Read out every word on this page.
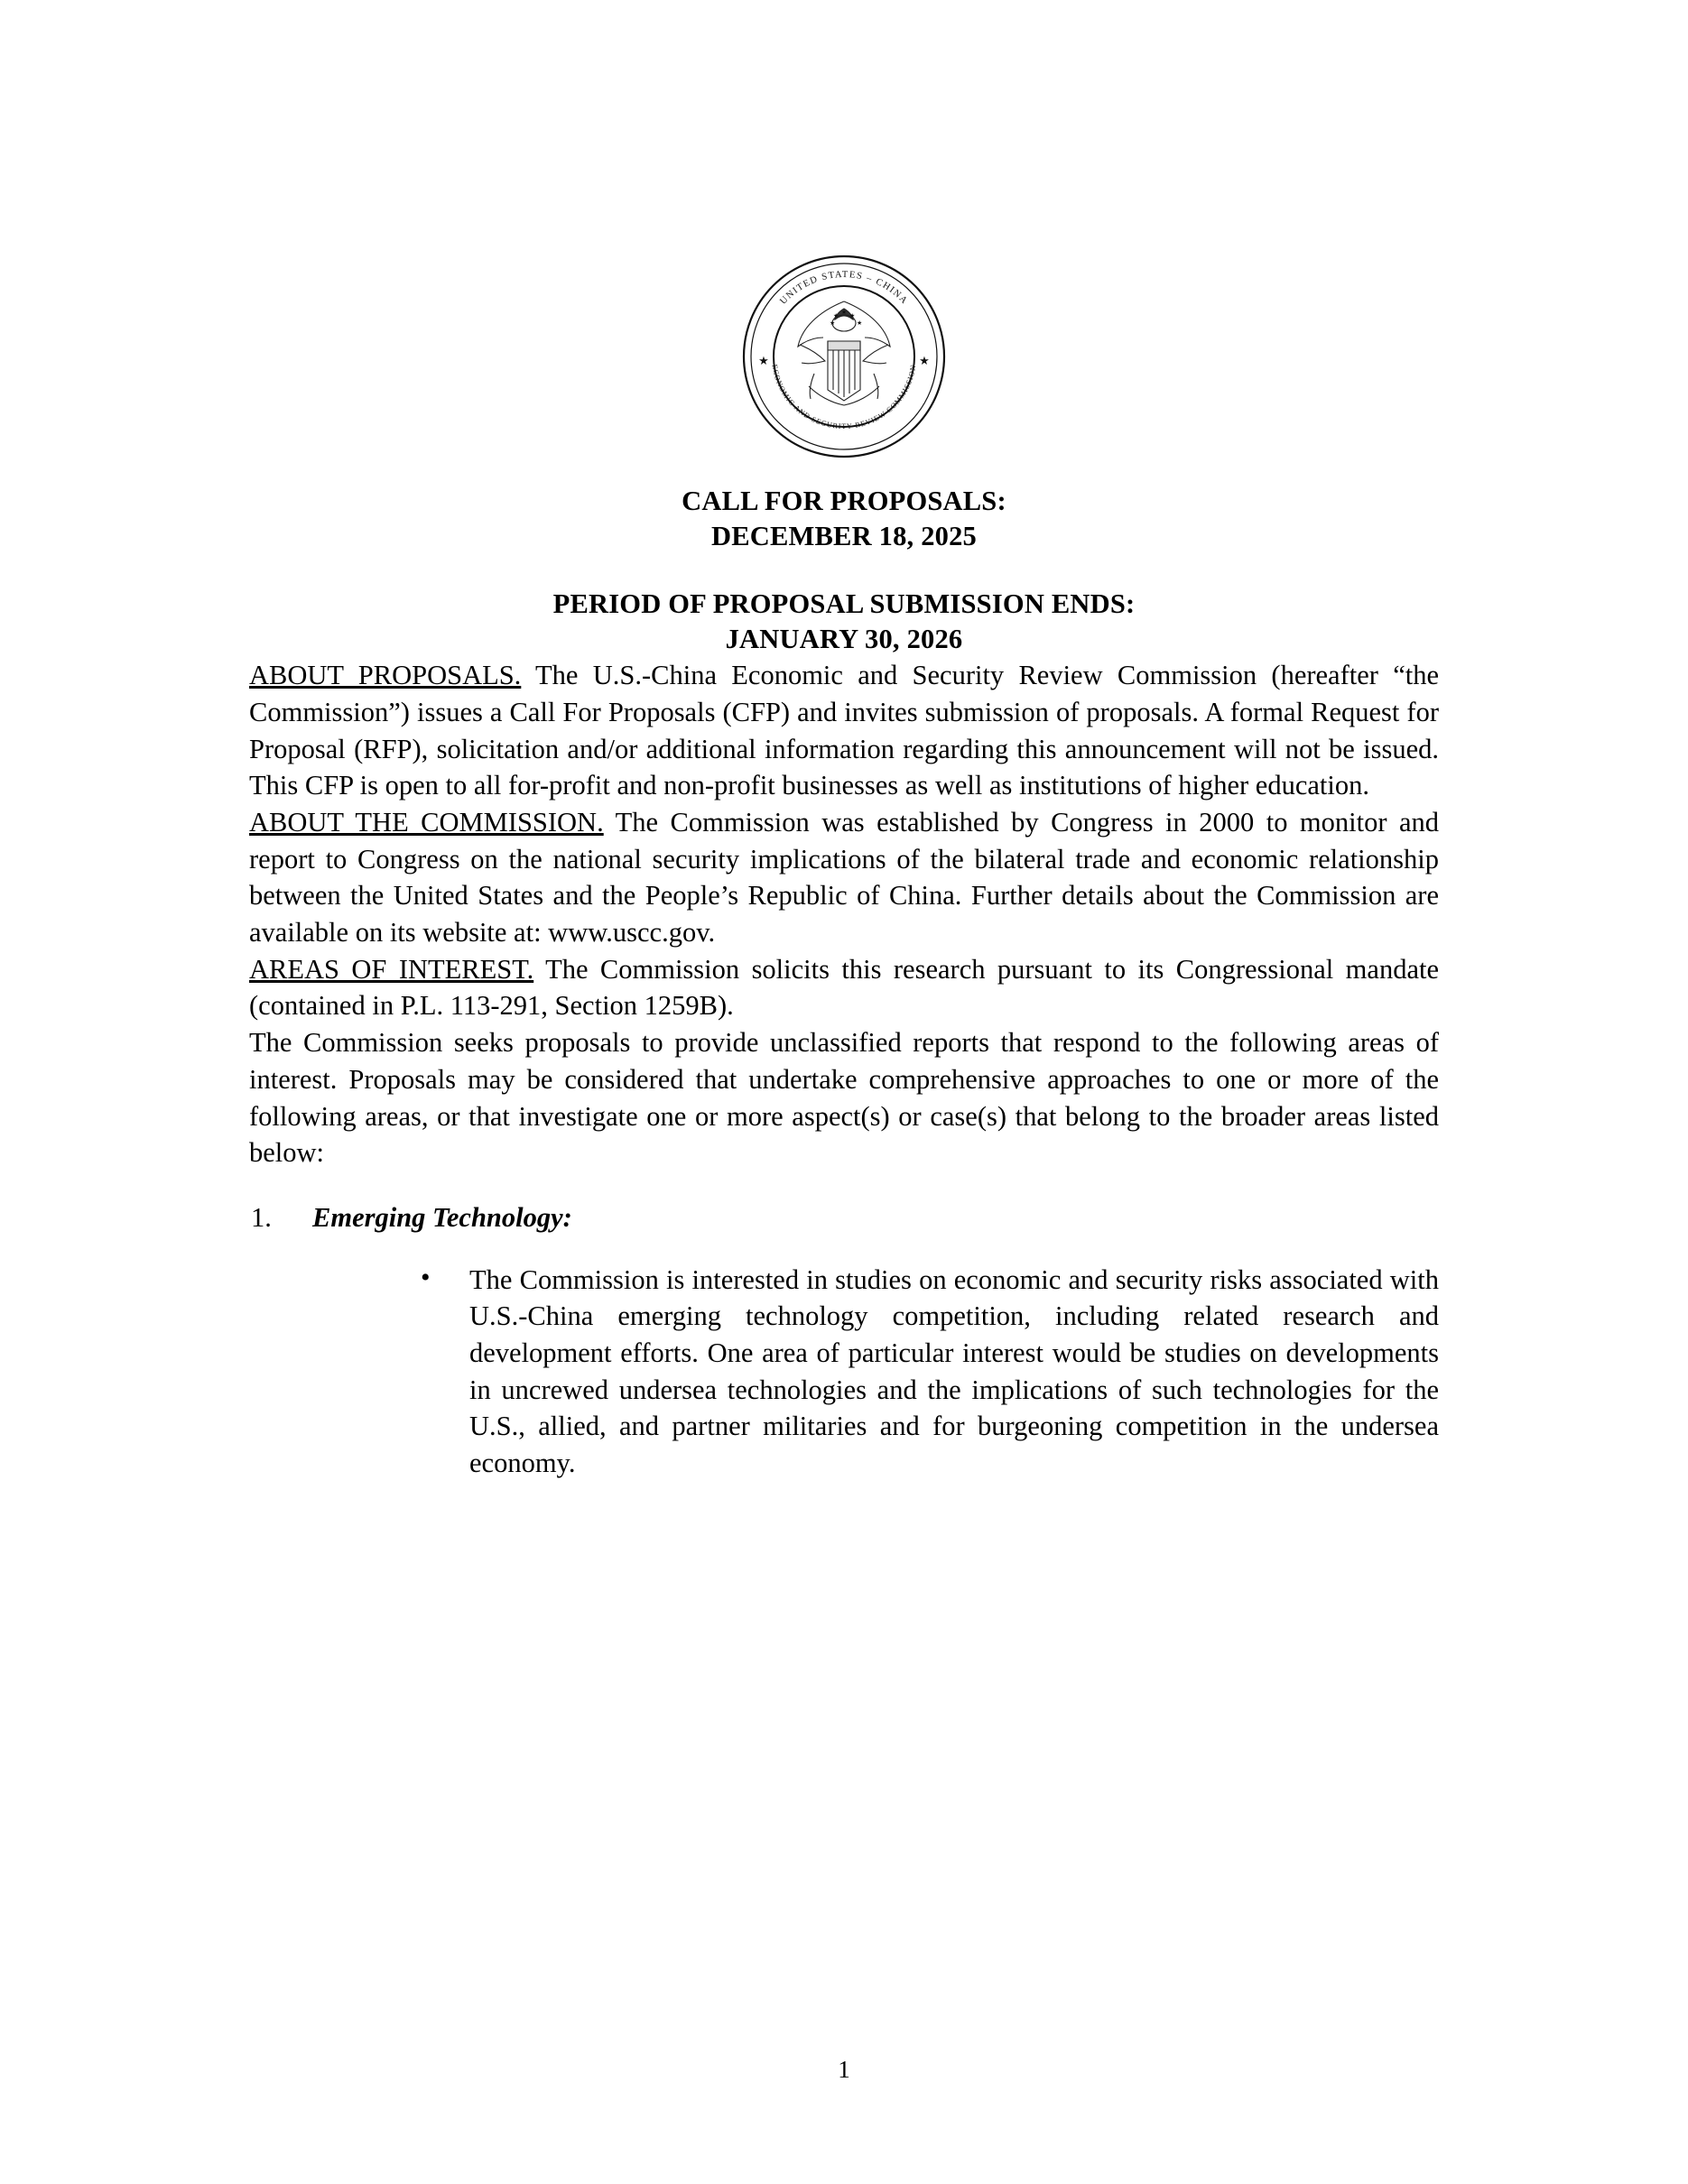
UNITED STATES – CHINA
ECONOMIC AND SECURITY REVIEW COMMISSION
★	★
★ ★ ★
★	★
CALL FOR PROPOSALS:
DECEMBER 18, 2025
PERIOD OF PROPOSAL SUBMISSION ENDS:
JANUARY 30, 2026

ABOUT PROPOSALS. The U.S.-China Economic and Security Review Commission (hereafter “the Commission”) issues a Call For Proposals (CFP) and invites submission of proposals. A formal Request for Proposal (RFP), solicitation and/or additional information regarding this announcement will not be issued. This CFP is open to all for-profit and non-profit businesses as well as institutions of higher education.

ABOUT THE COMMISSION. The Commission was established by Congress in 2000 to monitor and report to Congress on the national security implications of the bilateral trade and economic relationship between the United States and the People’s Republic of China. Further details about the Commission are available on its website at: www.uscc.gov.

AREAS OF INTEREST. The Commission solicits this research pursuant to its Congressional mandate (contained in P.L. 113-291, Section 1259B).

The Commission seeks proposals to provide unclassified reports that respond to the following areas of interest. Proposals may be considered that undertake comprehensive approaches to one or more of the following areas, or that investigate one or more aspect(s) or case(s) that belong to the broader areas listed below:

1.	Emerging Technology:
• The Commission is interested in studies on economic and security risks associated with U.S.-China emerging technology competition, including related research and development efforts. One area of particular interest would be studies on developments in uncrewed undersea technologies and the implications of such technologies for the U.S., allied, and partner militaries and for burgeoning competition in the undersea economy.
1
